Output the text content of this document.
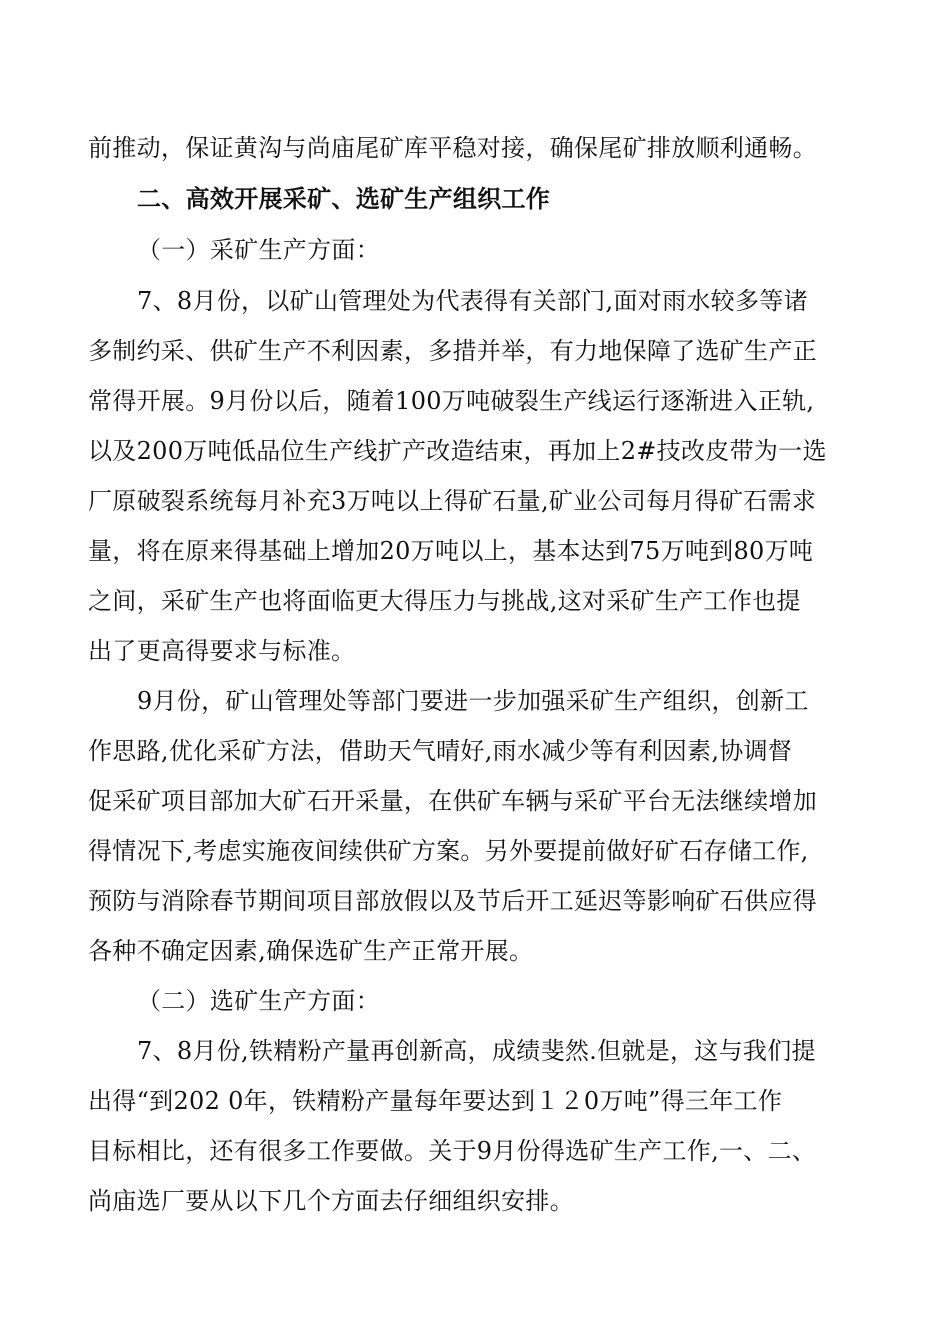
前推动，保证黄沟与尚庙尾矿库平稳对接，确保尾矿排放顺利通畅。

二、高效开展采矿、选矿生产组织工作

（一）采矿生产方面：

7、8月份，以矿山管理处为代表得有关部门,面对雨水较多等诸

多制约采、供矿生产不利因素，多措并举，有力地保障了选矿生产正

常得开展。9月份以后，随着100万吨破裂生产线运行逐渐进入正轨,

以及200万吨低品位生产线扩产改造结束，再加上2#技改皮带为一选

厂原破裂系统每月补充3万吨以上得矿石量,矿业公司每月得矿石需求

量，将在原来得基础上增加20万吨以上，基本达到75万吨到80万吨

之间，采矿生产也将面临更大得压力与挑战,这对采矿生产工作也提

出了更高得要求与标准。

9月份，矿山管理处等部门要进一步加强采矿生产组织，创新工

作思路,优化采矿方法，借助天气晴好,雨水减少等有利因素,协调督

促采矿项目部加大矿石开采量，在供矿车辆与采矿平台无法继续增加

得情况下,考虑实施夜间续供矿方案。另外要提前做好矿石存储工作,

预防与消除春节期间项目部放假以及节后开工延迟等影响矿石供应得

各种不确定因素,确保选矿生产正常开展。

（二）选矿生产方面：

7、8月份,铁精粉产量再创新高，成绩斐然.但就是，这与我们提

出得“到202 0年，铁精粉产量每年要达到１２0万吨”得三年工作

目标相比，还有很多工作要做。关于9月份得选矿生产工作,一、二、

尚庙选厂要从以下几个方面去仔细组织安排。
